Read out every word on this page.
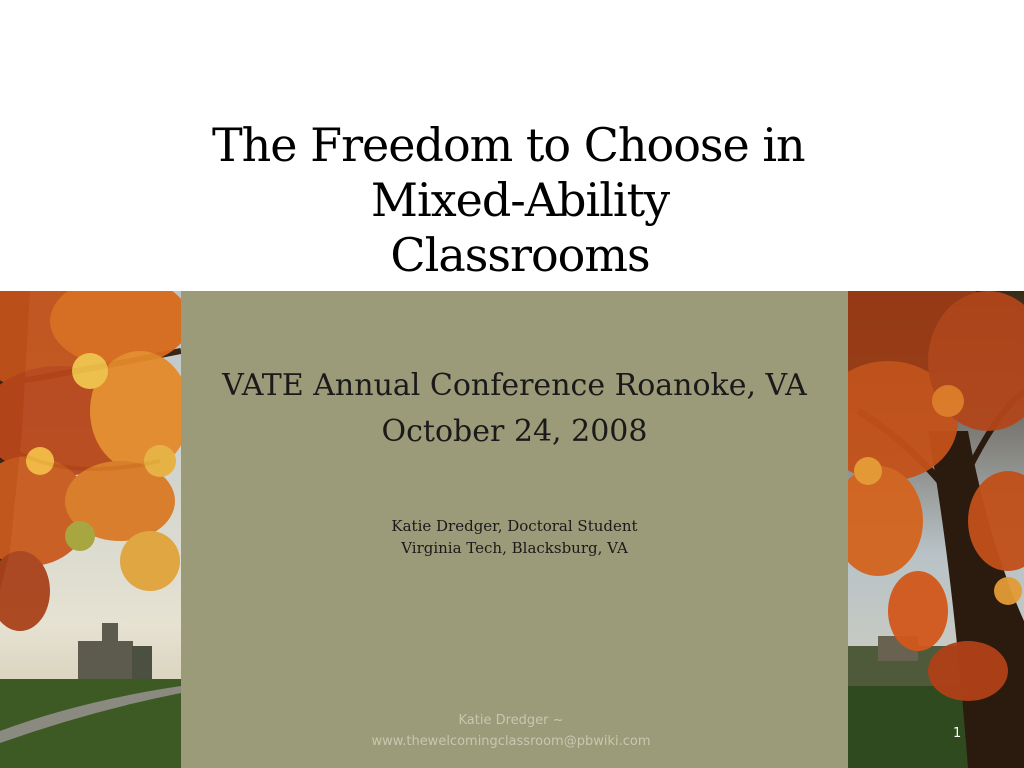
The Freedom to Choose in
Mixed-Ability
Classrooms
VATE Annual Conference Roanoke, VA
October 24, 2008
Katie Dredger, Doctoral Student
Virginia Tech, Blacksburg, VA
Katie Dredger ~
www.thewelcomingclassroom@pbwiki.com
1
